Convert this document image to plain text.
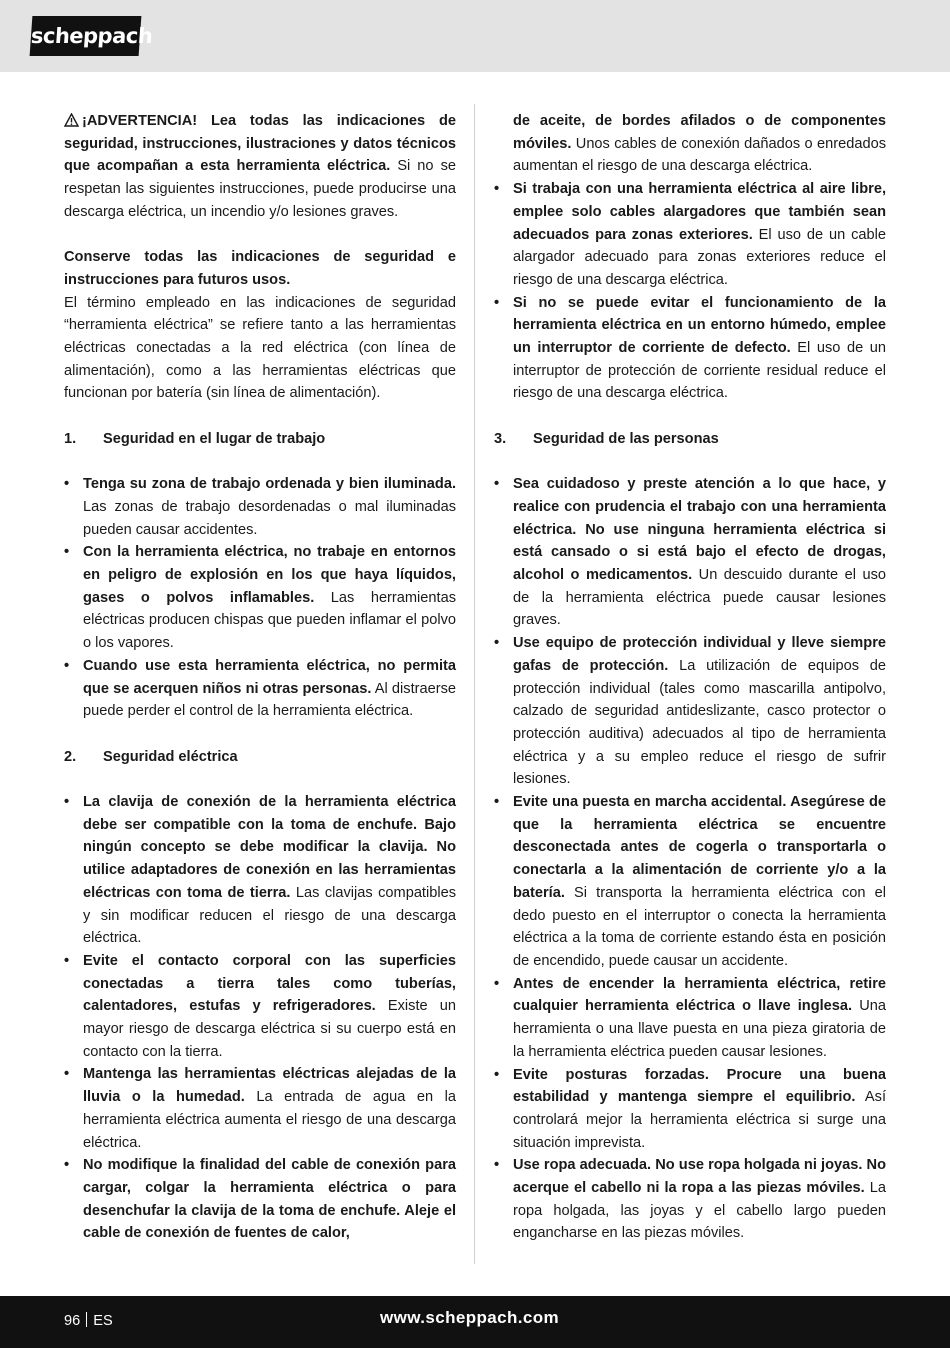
scheppach

¡ADVERTENCIA! Lea todas las indicaciones de seguridad, instrucciones, ilustraciones y datos técnicos que acompañan a esta herramienta eléctrica. Si no se respetan las siguientes instrucciones, puede producirse una descarga eléctrica, un incendio y/o lesiones graves.

Conserve todas las indicaciones de seguridad e instrucciones para futuros usos.

El término empleado en las indicaciones de seguridad “herramienta eléctrica” se refiere tanto a las herramientas eléctricas conectadas a la red eléctrica (con línea de alimentación), como a las herramientas eléctricas que funcionan por batería (sin línea de alimentación).

1. Seguridad en el lugar de trabajo

• Tenga su zona de trabajo ordenada y bien iluminada. Las zonas de trabajo desordenadas o mal iluminadas pueden causar accidentes.
• Con la herramienta eléctrica, no trabaje en entornos en peligro de explosión en los que haya líquidos, gases o polvos inflamables. Las herramientas eléctricas producen chispas que pueden inflamar el polvo o los vapores.
• Cuando use esta herramienta eléctrica, no permita que se acerquen niños ni otras personas. Al distraerse puede perder el control de la herramienta eléctrica.

2. Seguridad eléctrica

• La clavija de conexión de la herramienta eléctrica debe ser compatible con la toma de enchufe. Bajo ningún concepto se debe modificar la clavija. No utilice adaptadores de conexión en las herramientas eléctricas con toma de tierra. Las clavijas compatibles y sin modificar reducen el riesgo de una descarga eléctrica.
• Evite el contacto corporal con las superficies conectadas a tierra tales como tuberías, calentadores, estufas y refrigeradores. Existe un mayor riesgo de descarga eléctrica si su cuerpo está en contacto con la tierra.
• Mantenga las herramientas eléctricas alejadas de la lluvia o la humedad. La entrada de agua en la herramienta eléctrica aumenta el riesgo de una descarga eléctrica.
• No modifique la finalidad del cable de conexión para cargar, colgar la herramienta eléctrica o para desenchufar la clavija de la toma de enchufe. Aleje el cable de conexión de fuentes de calor,
de aceite, de bordes afilados o de componentes móviles. Unos cables de conexión dañados o enredados aumentan el riesgo de una descarga eléctrica.
• Si trabaja con una herramienta eléctrica al aire libre, emplee solo cables alargadores que también sean adecuados para zonas exteriores. El uso de un cable alargador adecuado para zonas exteriores reduce el riesgo de una descarga eléctrica.
• Si no se puede evitar el funcionamiento de la herramienta eléctrica en un entorno húmedo, emplee un interruptor de corriente de defecto. El uso de un interruptor de protección de corriente residual reduce el riesgo de una descarga eléctrica.

3. Seguridad de las personas

• Sea cuidadoso y preste atención a lo que hace, y realice con prudencia el trabajo con una herramienta eléctrica. No use ninguna herramienta eléctrica si está cansado o si está bajo el efecto de drogas, alcohol o medicamentos. Un descuido durante el uso de la herramienta eléctrica puede causar lesiones graves.
• Use equipo de protección individual y lleve siempre gafas de protección. La utilización de equipos de protección individual (tales como mascarilla antipolvo, calzado de seguridad antideslizante, casco protector o protección auditiva) adecuados al tipo de herramienta eléctrica y a su empleo reduce el riesgo de sufrir lesiones.
• Evite una puesta en marcha accidental. Asegúrese de que la herramienta eléctrica se encuentre desconectada antes de cogerla o transportarla o conectarla a la alimentación de corriente y/o a la batería. Si transporta la herramienta eléctrica con el dedo puesto en el interruptor o conecta la herramienta eléctrica a la toma de corriente estando ésta en posición de encendido, puede causar un accidente.
• Antes de encender la herramienta eléctrica, retire cualquier herramienta eléctrica o llave inglesa. Una herramienta o una llave puesta en una pieza giratoria de la herramienta eléctrica pueden causar lesiones.
• Evite posturas forzadas. Procure una buena estabilidad y mantenga siempre el equilibrio. Así controlará mejor la herramienta eléctrica si surge una situación imprevista.
• Use ropa adecuada. No use ropa holgada ni joyas. No acerque el cabello ni la ropa a las piezas móviles. La ropa holgada, las joyas y el cabello largo pueden engancharse en las piezas móviles.
96 ES	www.scheppach.com
